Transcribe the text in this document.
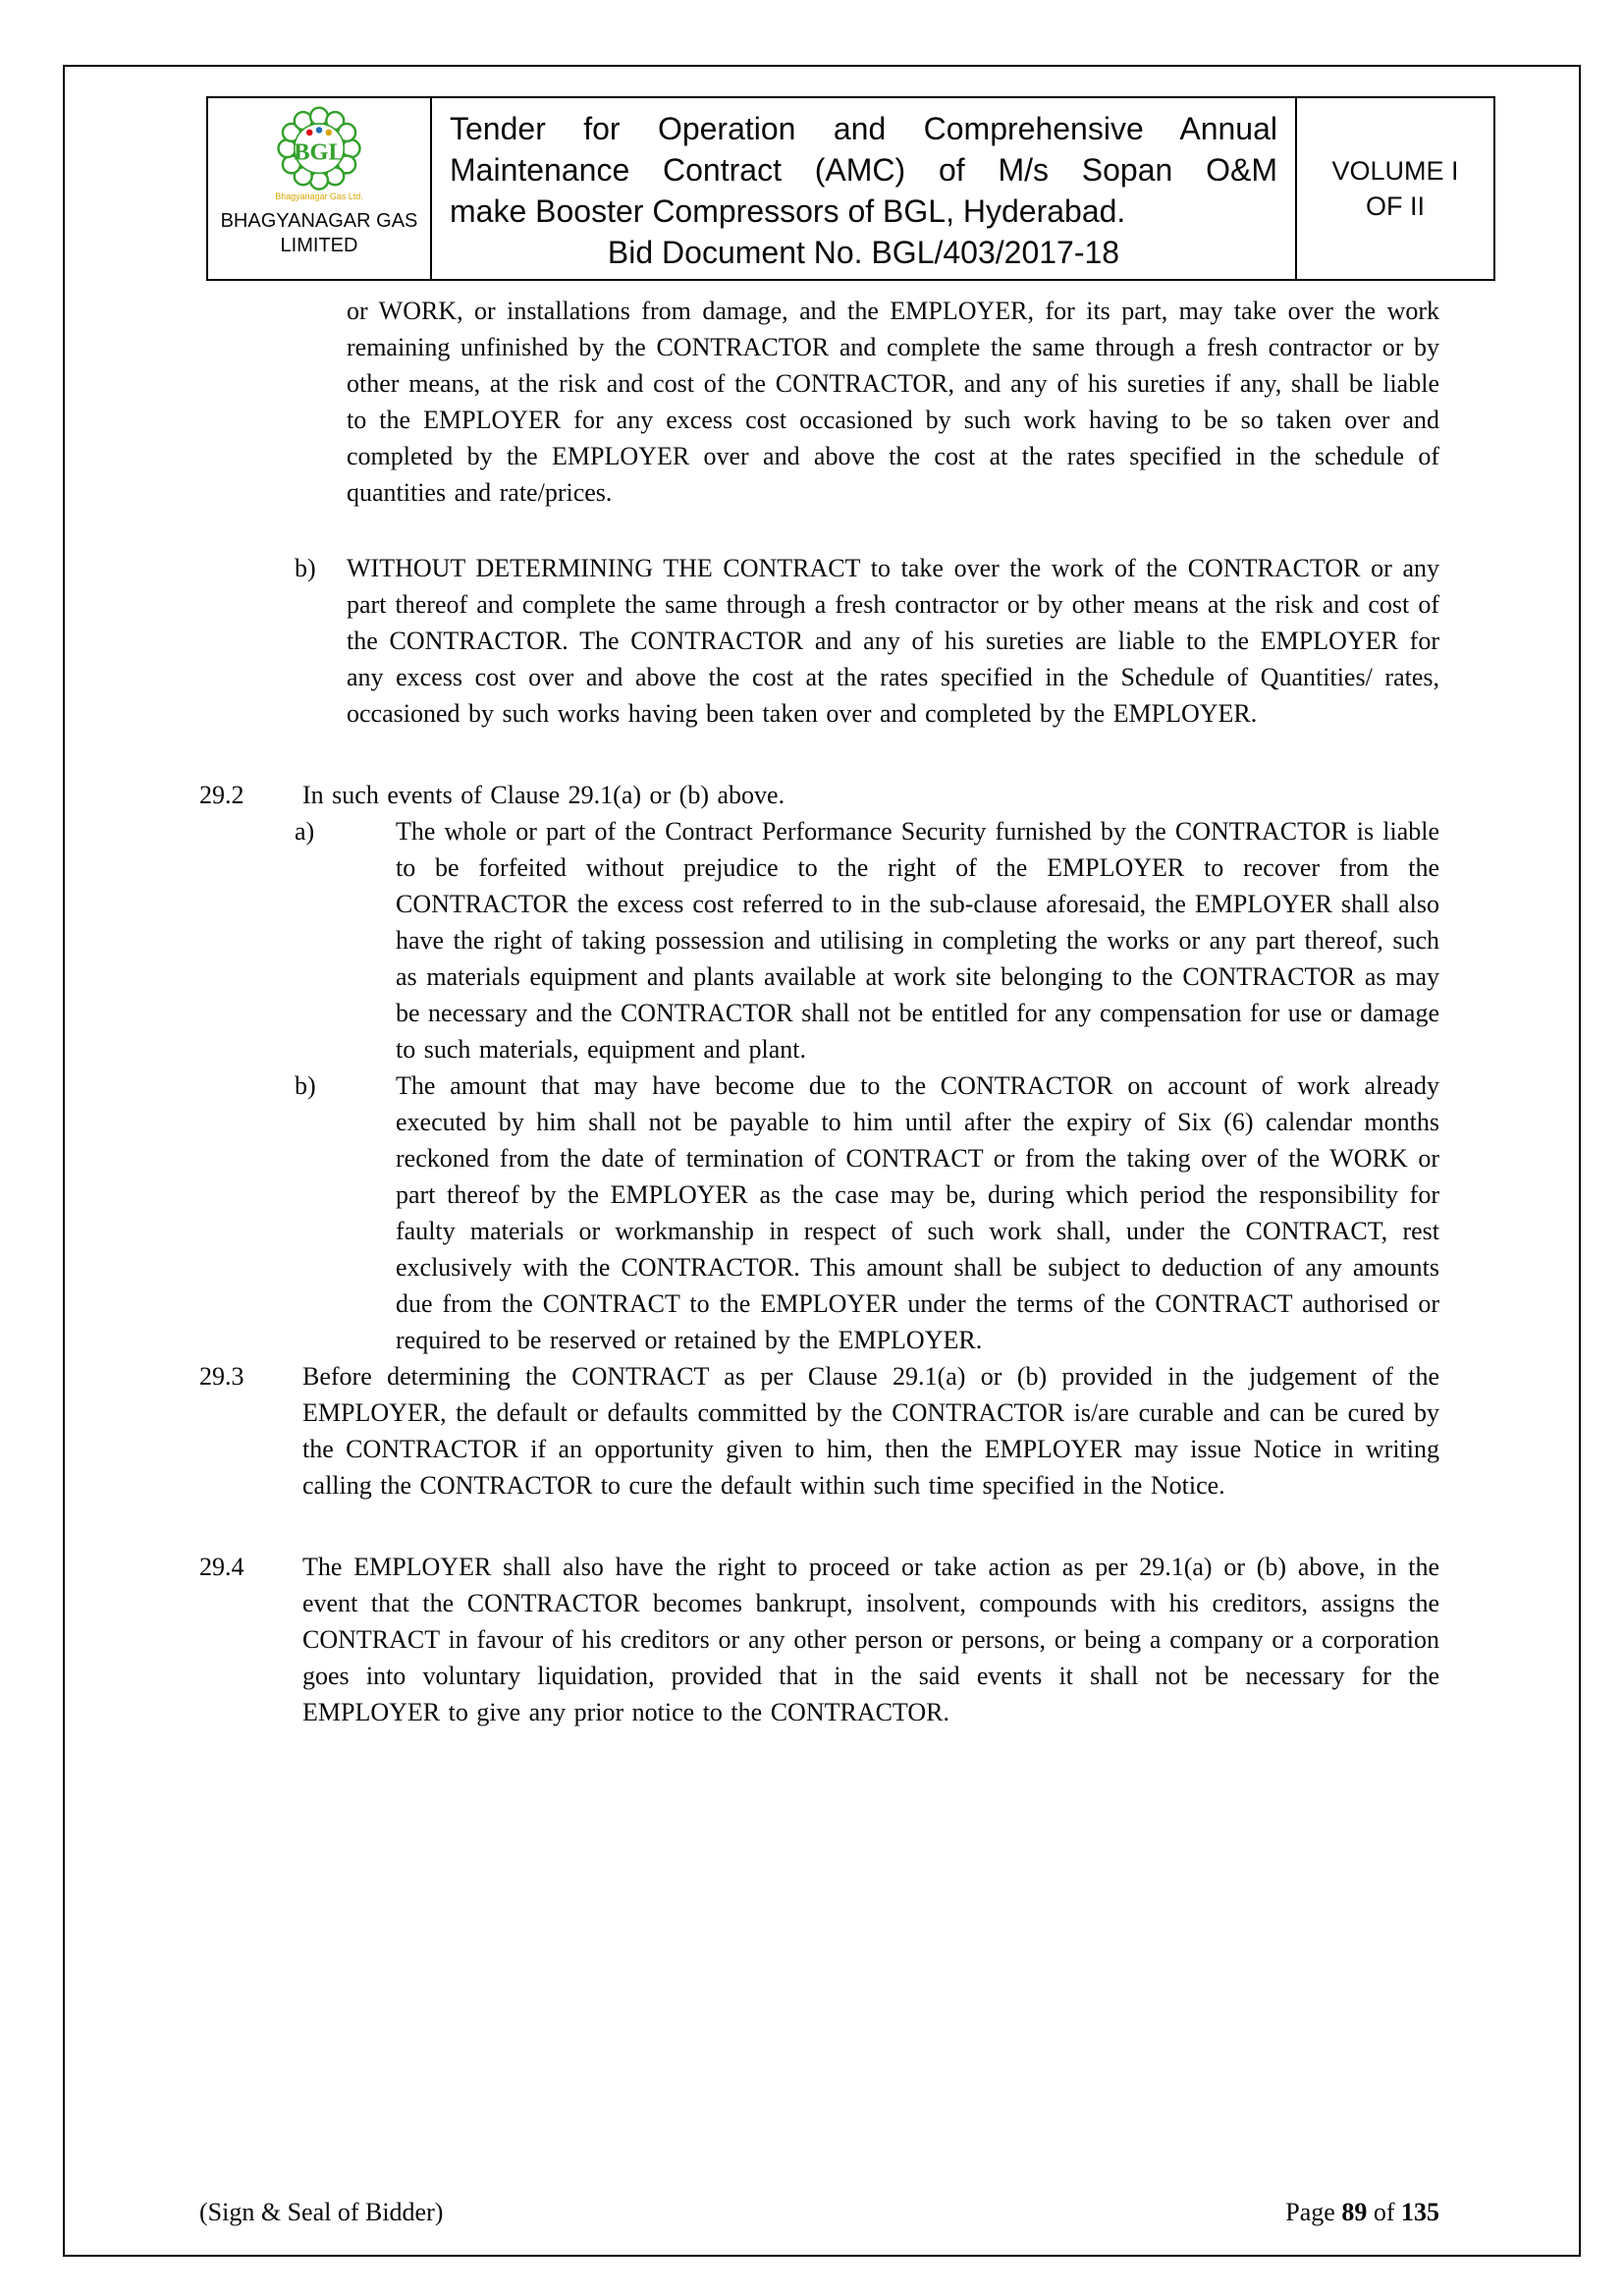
BGL
Bhagyanagar Gas Ltd.
BHAGYANAGAR GAS LIMITED
Tender for Operation and Comprehensive Annual
Maintenance Contract (AMC) of M/s Sopan O&M
make Booster Compressors of BGL, Hyderabad.
Bid Document No. BGL/403/2017-18
VOLUME I
OF II

or WORK, or installations from damage, and the EMPLOYER, for its part, may take over the work remaining unfinished by the CONTRACTOR and complete the same through a fresh contractor or by other means, at the risk and cost of the CONTRACTOR, and any of his sureties if any, shall be liable to the EMPLOYER for any excess cost occasioned by such work having to be so taken over and completed by the EMPLOYER over and above the cost at the rates specified in the schedule of quantities and rate/prices.

b)	WITHOUT DETERMINING THE CONTRACT to take over the work of the CONTRACTOR or any part thereof and complete the same through a fresh contractor or by other means at the risk and cost of the CONTRACTOR. The CONTRACTOR and any of his sureties are liable to the EMPLOYER for any excess cost over and above the cost at the rates specified in the Schedule of Quantities/ rates, occasioned by such works having been taken over and completed by the EMPLOYER.
29.2	In such events of Clause 29.1(a) or (b) above.
a)	The whole or part of the Contract Performance Security furnished by the CONTRACTOR is liable to be forfeited without prejudice to the right of the EMPLOYER to recover from the CONTRACTOR the excess cost referred to in the sub-clause aforesaid, the EMPLOYER shall also have the right of taking possession and utilising in completing the works or any part thereof, such as materials equipment and plants available at work site belonging to the CONTRACTOR as may be necessary and the CONTRACTOR shall not be entitled for any compensation for use or damage to such materials, equipment and plant.
b)	The amount that may have become due to the CONTRACTOR on account of work already executed by him shall not be payable to him until after the expiry of Six (6) calendar months reckoned from the date of termination of CONTRACT or from the taking over of the WORK or part thereof by the EMPLOYER as the case may be, during which period the responsibility for faulty materials or workmanship in respect of such work shall, under the CONTRACT, rest exclusively with the CONTRACTOR. This amount shall be subject to deduction of any amounts due from the CONTRACT to the EMPLOYER under the terms of the CONTRACT authorised or required to be reserved or retained by the EMPLOYER.
29.3	Before determining the CONTRACT as per Clause 29.1(a) or (b) provided in the judgement of the EMPLOYER, the default or defaults committed by the CONTRACTOR is/are curable and can be cured by the CONTRACTOR if an opportunity given to him, then the EMPLOYER may issue Notice in writing calling the CONTRACTOR to cure the default within such time specified in the Notice.
29.4	The EMPLOYER shall also have the right to proceed or take action as per 29.1(a) or (b) above, in the event that the CONTRACTOR becomes bankrupt, insolvent, compounds with his creditors, assigns the CONTRACT in favour of his creditors or any other person or persons, or being a company or a corporation goes into voluntary liquidation, provided that in the said events it shall not be necessary for the EMPLOYER to give any prior notice to the CONTRACTOR.
(Sign & Seal of Bidder)	Page 89 of 135
